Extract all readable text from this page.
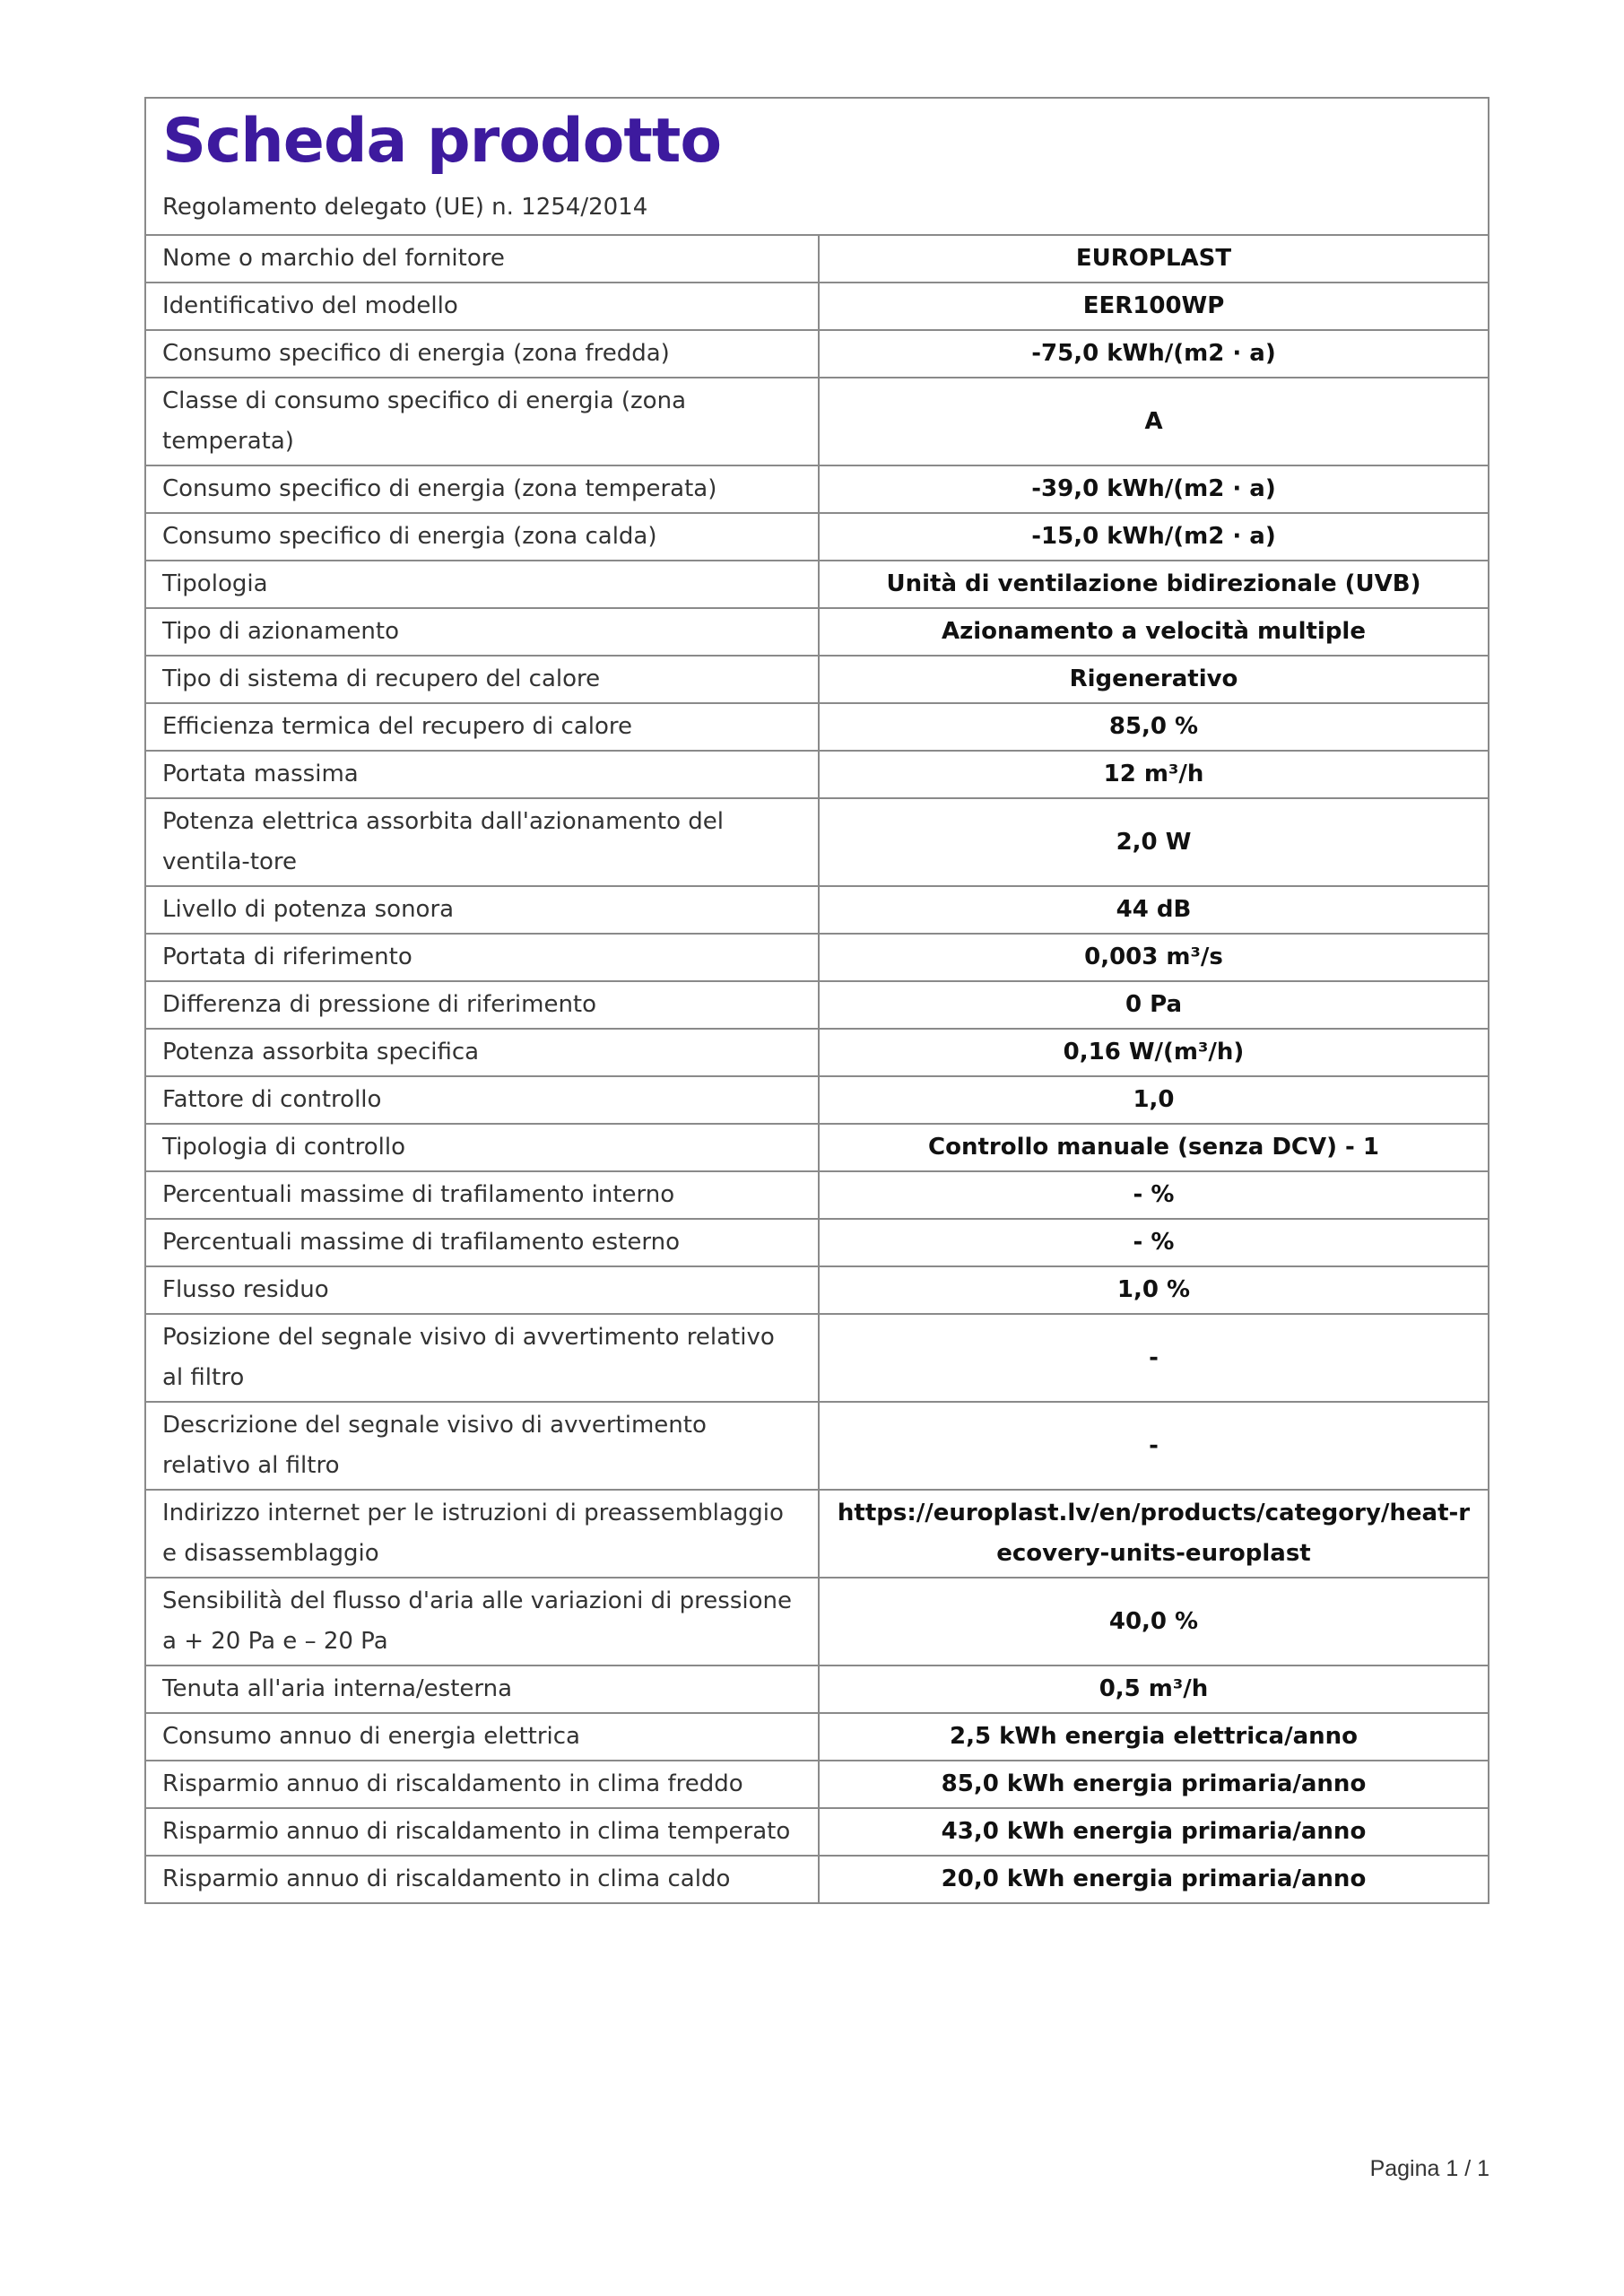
Scheda prodotto
Regolamento delegato (UE) n. 1254/2014
Nome o marchio del fornitore	EUROPLAST
Identificativo del modello	EER100WP
Consumo specifico di energia (zona fredda)	-75,0 kWh/(m2 · a)
Classe di consumo specifico di energia (zona temperata)	A
Consumo specifico di energia (zona temperata)	-39,0 kWh/(m2 · a)
Consumo specifico di energia (zona calda)	-15,0 kWh/(m2 · a)
Tipologia	Unità di ventilazione bidirezionale (UVB)
Tipo di azionamento	Azionamento a velocità multiple
Tipo di sistema di recupero del calore	Rigenerativo
Efficienza termica del recupero di calore	85,0 %
Portata massima	12 m³/h
Potenza elettrica assorbita dall'azionamento del ventila-tore	2,0 W
Livello di potenza sonora	44 dB
Portata di riferimento	0,003 m³/s
Differenza di pressione di riferimento	0 Pa
Potenza assorbita specifica	0,16 W/(m³/h)
Fattore di controllo	1,0
Tipologia di controllo	Controllo manuale (senza DCV) - 1
Percentuali massime di trafilamento interno	- %
Percentuali massime di trafilamento esterno	- %
Flusso residuo	1,0 %
Posizione del segnale visivo di avvertimento relativo al filtro	-
Descrizione del segnale visivo di avvertimento relativo al filtro	-
Indirizzo internet per le istruzioni di preassemblaggio e disassemblaggio	https://europlast.lv/en/products/category/heat-recovery-units-europlast
Sensibilità del flusso d'aria alle variazioni di pressione a + 20 Pa e – 20 Pa	40,0 %
Tenuta all'aria interna/esterna	0,5 m³/h
Consumo annuo di energia elettrica	2,5 kWh energia elettrica/anno
Risparmio annuo di riscaldamento in clima freddo	85,0 kWh energia primaria/anno
Risparmio annuo di riscaldamento in clima temperato	43,0 kWh energia primaria/anno
Risparmio annuo di riscaldamento in clima caldo	20,0 kWh energia primaria/anno
Pagina 1 / 1
